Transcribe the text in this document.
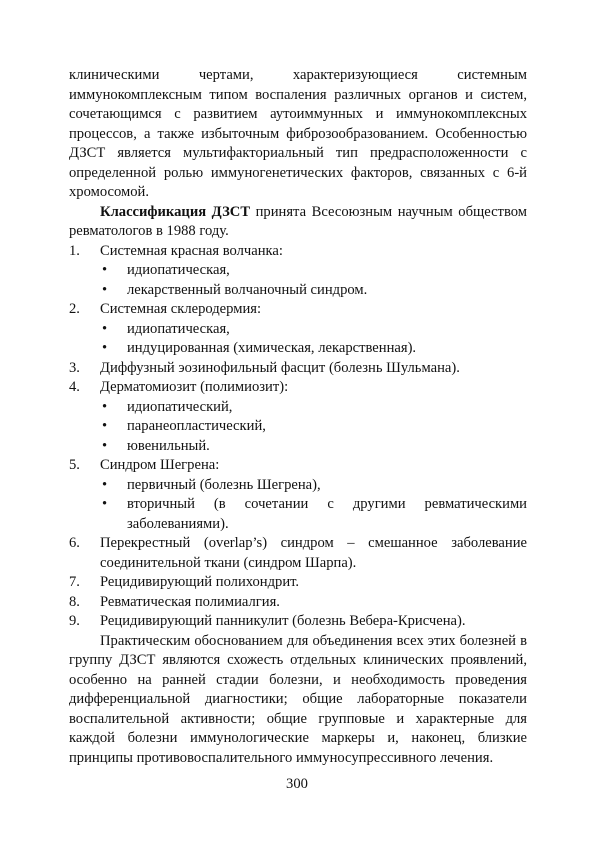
клиническими чертами, характеризующиеся системным иммунокомплексным типом воспаления различных органов и систем, сочетающимся с развитием аутоиммунных и иммунокомплексных процессов, а также избыточным фиброзообразованием. Особенностью ДЗСТ является мультифакториальный тип предрасположенности с определенной ролью иммуногенетических факторов, связанных с 6-й хромосомой.

Классификация ДЗСТ принята Всесоюзным научным обществом ревматологов в 1988 году.

1.	Системная красная волчанка:
•	идиопатическая,
•	лекарственный волчаночный синдром.
2.	Системная склеродермия:
•	идиопатическая,
•	индуцированная (химическая, лекарственная).
3.	Диффузный эозинофильный фасцит (болезнь Шульмана).
4.	Дерматомиозит (полимиозит):
•	идиопатический,
•	паранеопластический,
•	ювенильный.
5.	Синдром Шегрена:
•	первичный (болезнь Шегрена),
•	вторичный (в сочетании с другими ревматическими заболеваниями).
6.	Перекрестный (overlap’s) синдром – смешанное заболевание соединительной ткани (синдром Шарпа).
7.	Рецидивирующий полихондрит.
8.	Ревматическая полимиалгия.
9.	Рецидивирующий панникулит (болезнь Вебера-Крисчена).

Практическим обоснованием для объединения всех этих болезней в группу ДЗСТ являются схожесть отдельных клинических проявлений, особенно на ранней стадии болезни, и необходимость проведения дифференциальной диагностики; общие лабораторные показатели воспалительной активности; общие групповые и характерные для каждой болезни иммунологические маркеры и, наконец, близкие принципы противовоспалительного иммуносупрессивного лечения.

300
